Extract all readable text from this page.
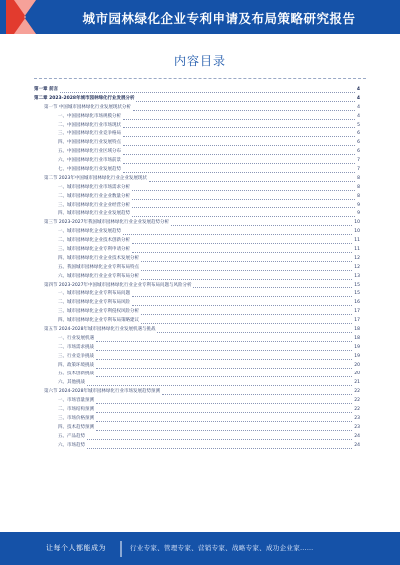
城市园林绿化企业专利申请及布局策略研究报告
内容目录
第一章 前言	4
第二章 2023-2028年城市园林绿化行业发展分析	4
第一节 中国城市园林绿化行业发展现状分析	4
一、中国园林绿化市场规模分析	4
二、中国园林绿化行业市场现状	5
三、中国园林绿化行业竞争格局	6
四、中国园林绿化行业发展特点	6
五、中国园林绿化行业区域分布	6
六、中国园林绿化行业市场前景	7
七、中国园林绿化行业发展趋势	7
第二节 2023年中国城市园林绿化行业企业发展现状	8
一、城市园林绿化行业市场需求分析	8
二、城市园林绿化行业企业数量分析	8
三、城市园林绿化行业企业经营分析	9
四、城市园林绿化行业企业发展趋势	9
第三节 2023-2027年我国城市园林绿化行业企业发展趋势分析	10
一、城市园林绿化企业发展趋势	10
二、城市园林绿化企业技术创新分析	11
三、城市园林绿化企业专利申请分析	11
四、城市园林绿化行业企业技术发展分析	12
五、我国城市园林绿化企业专利布局特点	12
六、城市园林绿化行业企业专利布局分析	13
第四节 2023-2027年中国城市园林绿化行业企业专利布局问题与风险分析	15
一、城市园林绿化企业专利布局问题	15
二、城市园林绿化企业专利布局风险	16
三、城市园林绿化企业专利侵权风险分析	17
四、城市园林绿化企业专利布局策略建议	17
第五节 2024-2028年城市园林绿化行业发展机遇与挑战	18
一、行业发展机遇	18
二、市场需求挑战	19
三、行业竞争挑战	19
四、政策环境挑战	20
五、技术创新挑战	20
六、其他挑战	21
第六节 2024-2028年城市园林绿化行业市场发展趋势预测	22
一、市场容量预测	22
二、市场结构预测	22
三、市场价格预测	23
四、技术趋势预测	23
五、产品趋势	24
六、市场趋势	24
让每个人都能成为	行业专家、管理专家、营销专家、战略专家、成功企业家……
